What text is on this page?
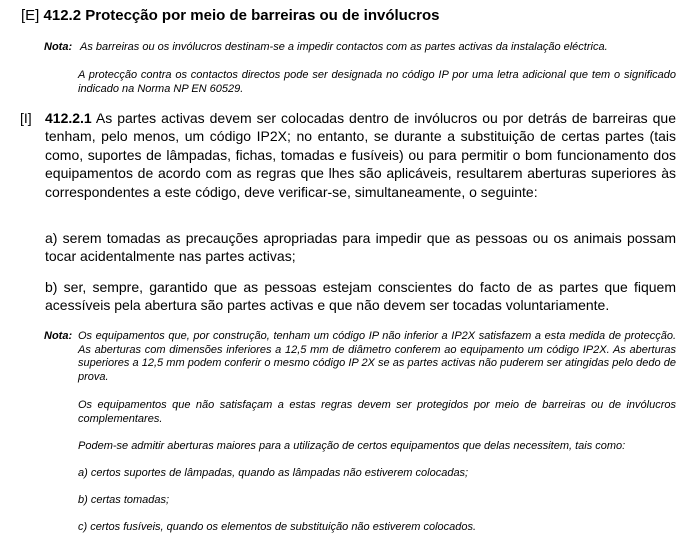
[E] 412.2 Protecção por meio de barreiras ou de invólucros
Nota: As barreiras ou os invólucros destinam-se a impedir contactos com as partes activas da instalação eléctrica.
A protecção contra os contactos directos pode ser designada no código IP por uma letra adicional que tem o significado indicado na Norma NP EN 60529.
[I] 412.2.1 As partes activas devem ser colocadas dentro de invólucros ou por detrás de barreiras que tenham, pelo menos, um código IP2X; no entanto, se durante a substituição de certas partes (tais como, suportes de lâmpadas, fichas, tomadas e fusíveis) ou para permitir o bom funcionamento dos equipamentos de acordo com as regras que lhes são aplicáveis, resultarem aberturas superiores às correspondentes a este código, deve verificar-se, simultaneamente, o seguinte:
a) serem tomadas as precauções apropriadas para impedir que as pessoas ou os animais possam tocar acidentalmente nas partes activas;
b) ser, sempre, garantido que as pessoas estejam conscientes do facto de as partes que fiquem acessíveis pela abertura são partes activas e que não devem ser tocadas voluntariamente.
Nota: Os equipamentos que, por construção, tenham um código IP não inferior a IP2X satisfazem a esta medida de protecção. As aberturas com dimensões inferiores a 12,5 mm de diâmetro conferem ao equipamento um código IP2X. As aberturas superiores a 12,5 mm podem conferir o mesmo código IP 2X se as partes activas não puderem ser atingidas pelo dedo de prova.
Os equipamentos que não satisfaçam a estas regras devem ser protegidos por meio de barreiras ou de invólucros complementares.
Podem-se admitir aberturas maiores para a utilização de certos equipamentos que delas necessitem, tais como:
a) certos suportes de lâmpadas, quando as lâmpadas não estiverem colocadas;
b) certas tomadas;
c) certos fusíveis, quando os elementos de substituição não estiverem colocados.
